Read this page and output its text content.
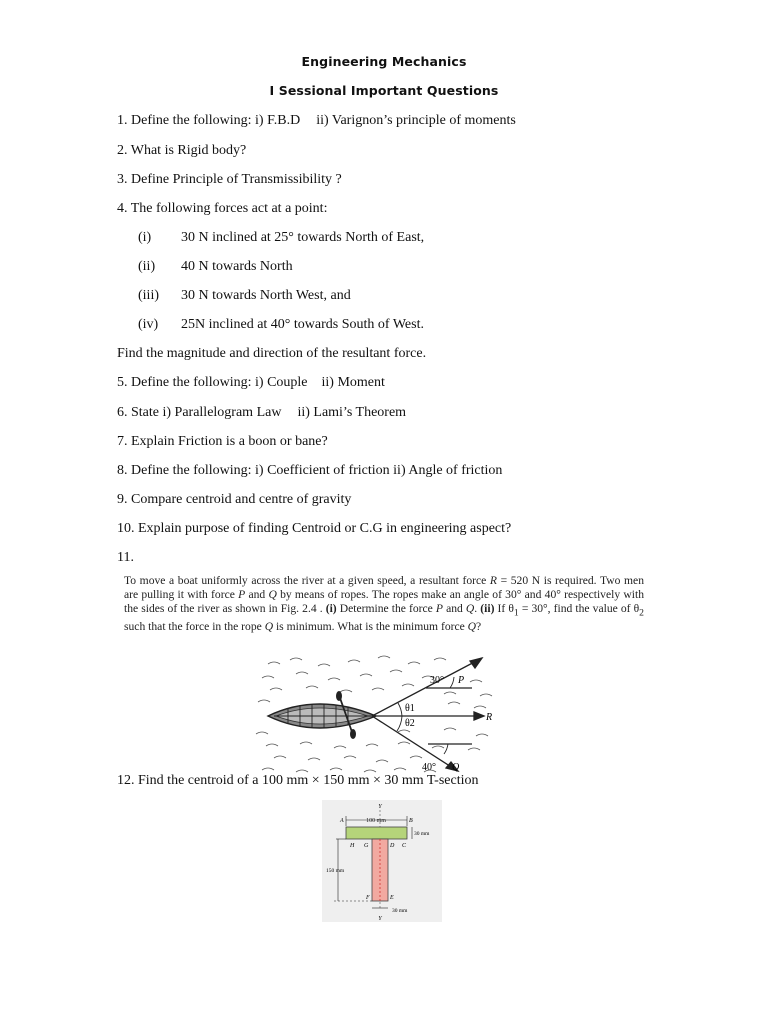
Engineering Mechanics
I Sessional Important Questions
1. Define the following: i) F.B.D ii) Varignon’s principle of moments
2. What is Rigid body?
3. Define Principle of Transmissibility ?
4. The following forces act at a point:
(i) 30 N inclined at 25° towards North of East,
(ii) 40 N towards North
(iii) 30 N towards North West, and
(iv) 25N inclined at 40° towards South of West.
Find the magnitude and direction of the resultant force.
5. Define the following: i) Couple ii) Moment
6. State i) Parallelogram Law ii) Lami’s Theorem
7. Explain Friction is a boon or bane?
8. Define the following: i) Coefficient of friction ii) Angle of friction
9. Compare centroid and centre of gravity
10. Explain purpose of finding Centroid or C.G in engineering aspect?
11.
To move a boat uniformly across the river at a given speed, a resultant force R = 520 N is required. Two men are pulling it with force P and Q by means of ropes. The ropes make an angle of 30° and 40° respectively with the sides of the river as shown in Fig. 2.4 . (i) Determine the force P and Q. (ii) If $\theta_1 = 30^\circ$, find the value of $\theta_2$ such that the force in the rope Q is minimum. What is the minimum force Q?
30° P
θ1
θ2
R
40° Q
12. Find the centroid of a 100 mm × 150 mm × 30 mm T-section
Y
Y
100 mm
30 mm
150 mm
30 mm
A	B
H G	D C
F	E
